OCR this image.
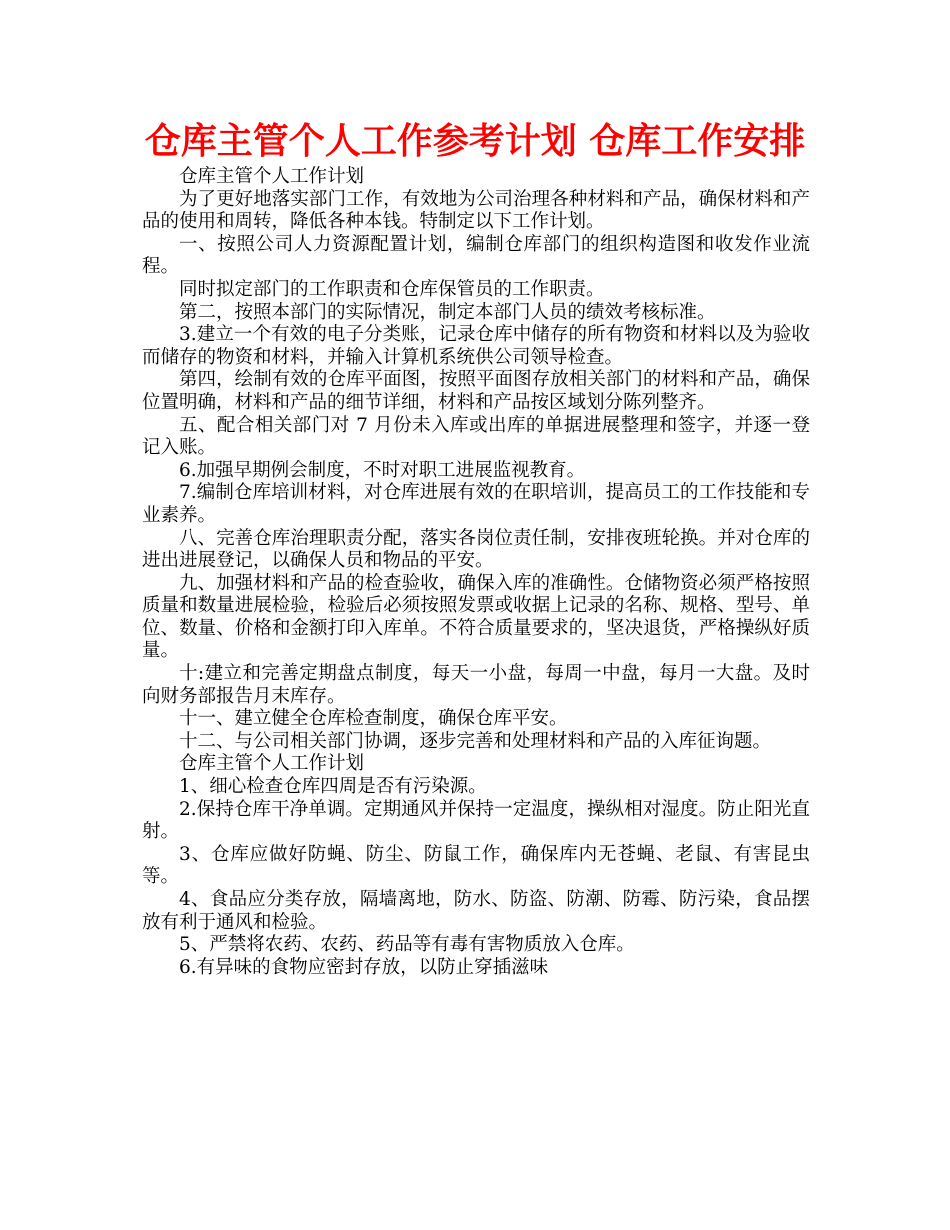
仓库主管个人工作参考计划 仓库工作安排

仓库主管个人工作计划

为了更好地落实部门工作，有效地为公司治理各种材料和产品，确保材料和产品的使用和周转，降低各种本钱。特制定以下工作计划。

一、按照公司人力资源配置计划，编制仓库部门的组织构造图和收发作业流程。

同时拟定部门的工作职责和仓库保管员的工作职责。

第二，按照本部门的实际情况，制定本部门人员的绩效考核标准。

3.建立一个有效的电子分类账，记录仓库中储存的所有物资和材料以及为验收而储存的物资和材料，并输入计算机系统供公司领导检查。

第四，绘制有效的仓库平面图，按照平面图存放相关部门的材料和产品，确保位置明确，材料和产品的细节详细，材料和产品按区域划分陈列整齐。

五、配合相关部门对 7 月份未入库或出库的单据进展整理和签字，并逐一登记入账。

6.加强早期例会制度，不时对职工进展监视教育。

7.编制仓库培训材料，对仓库进展有效的在职培训，提高员工的工作技能和专业素养。

八、完善仓库治理职责分配，落实各岗位责任制，安排夜班轮换。并对仓库的进出进展登记，以确保人员和物品的平安。

九、加强材料和产品的检查验收，确保入库的准确性。仓储物资必须严格按照质量和数量进展检验，检验后必须按照发票或收据上记录的名称、规格、型号、单位、数量、价格和金额打印入库单。不符合质量要求的，坚决退货，严格操纵好质量。

十:建立和完善定期盘点制度，每天一小盘，每周一中盘，每月一大盘。及时向财务部报告月末库存。

十一、建立健全仓库检查制度，确保仓库平安。

十二、与公司相关部门协调，逐步完善和处理材料和产品的入库征询题。

仓库主管个人工作计划

1、细心检查仓库四周是否有污染源。

2.保持仓库干净单调。定期通风并保持一定温度，操纵相对湿度。防止阳光直射。

3、仓库应做好防蝇、防尘、防鼠工作，确保库内无苍蝇、老鼠、有害昆虫等。

4、食品应分类存放，隔墙离地，防水、防盗、防潮、防霉、防污染，食品摆放有利于通风和检验。

5、严禁将农药、农药、药品等有毒有害物质放入仓库。

6.有异味的食物应密封存放，以防止穿插滋味
